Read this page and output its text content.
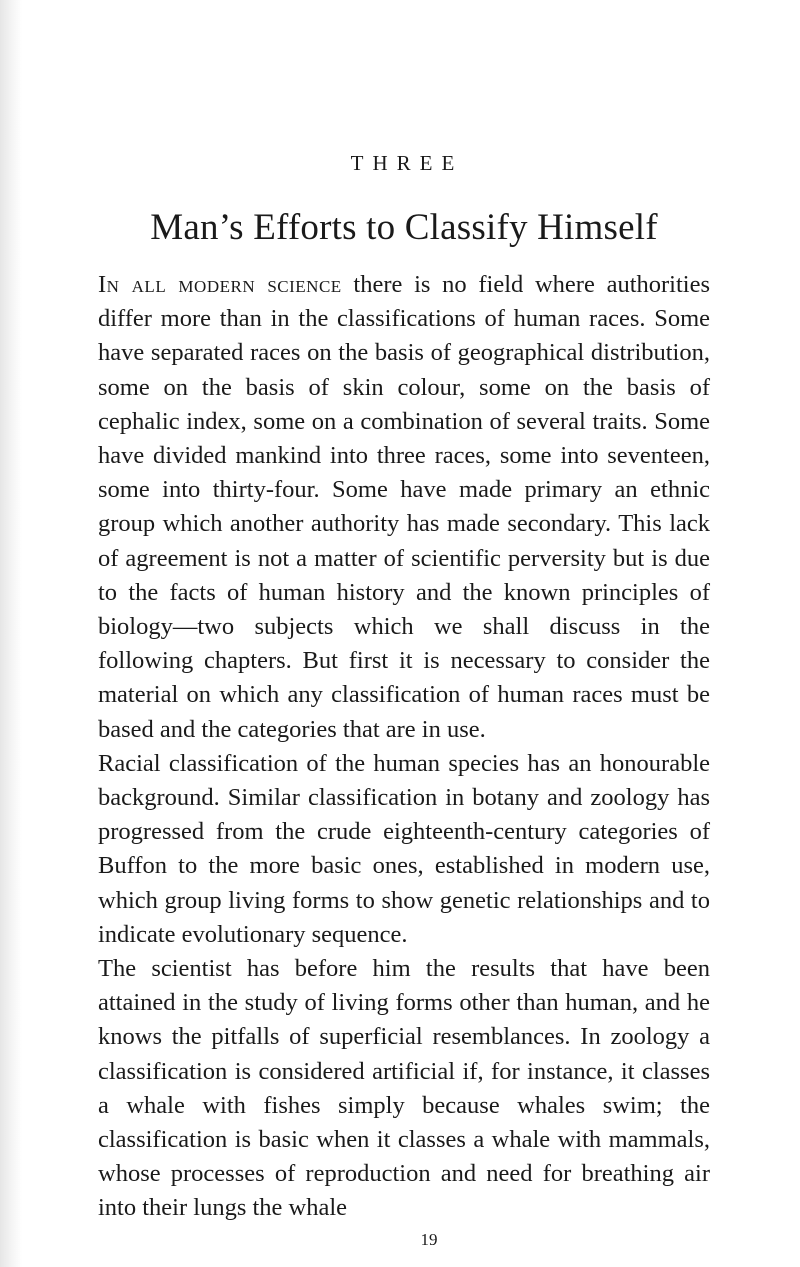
THREE
Man’s Efforts to Classify Himself

In all modern science there is no field where authorities differ more than in the classifications of human races. Some have separated races on the basis of geographical distribution, some on the basis of skin colour, some on the basis of cephalic index, some on a combination of several traits. Some have divided mankind into three races, some into seventeen, some into thirty-four. Some have made primary an ethnic group which another authority has made secondary. This lack of agreement is not a matter of scientific perversity but is due to the facts of human history and the known principles of biology—two subjects which we shall discuss in the following chapters. But first it is necessary to consider the material on which any classification of human races must be based and the categories that are in use.

Racial classification of the human species has an honourable background. Similar classification in botany and zoology has progressed from the crude eighteenth-century categories of Buffon to the more basic ones, established in modern use, which group living forms to show genetic relationships and to indicate evolutionary sequence.

The scientist has before him the results that have been attained in the study of living forms other than human, and he knows the pitfalls of superficial resemblances. In zoology a classification is considered artificial if, for instance, it classes a whale with fishes simply because whales swim; the classification is basic when it classes a whale with mammals, whose processes of reproduction and need for breathing air into their lungs the whale

19
